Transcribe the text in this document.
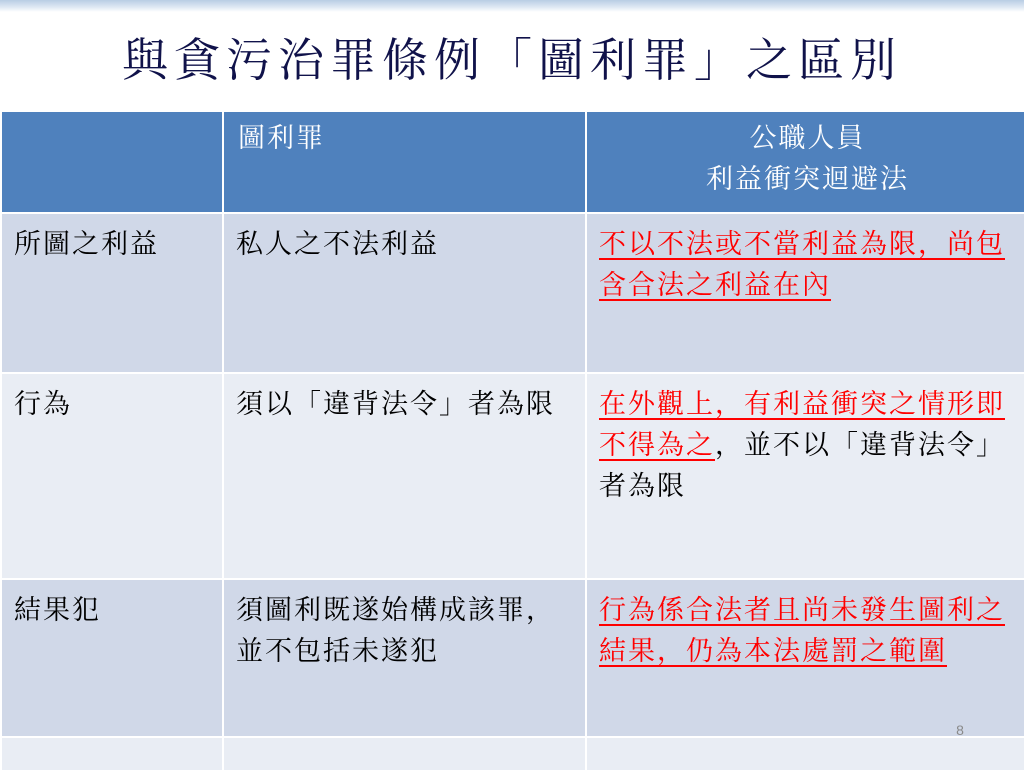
與貪污治罪條例「圖利罪」之區別
	圖利罪	公職人員
利益衝突迴避法

所圖之利益	私人之不法利益	不以不法或不當利益為限，尚包含合法之利益在內
行為	須以「違背法令」者為限	在外觀上，有利益衝突之情形即不得為之，並不以「違背法令」者為限
結果犯	須圖利既遂始構成該罪，並不包括未遂犯	行為係合法者且尚未發生圖利之結果，仍為本法處罰之範圍

8
